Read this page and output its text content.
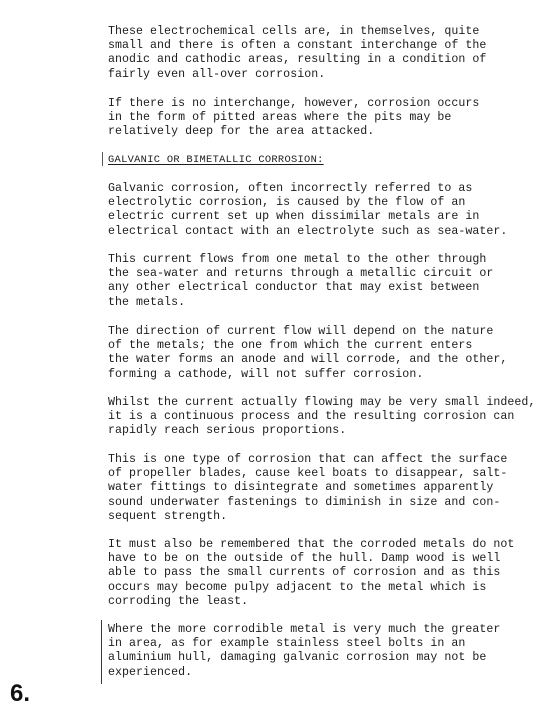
These electrochemical cells are, in themselves, quite
small and there is often a constant interchange of the
anodic and cathodic areas, resulting in a condition of
fairly even all-over corrosion.

If there is no interchange, however, corrosion occurs
in the form of pitted areas where the pits may be
relatively deep for the area attacked.

GALVANIC OR BIMETALLIC CORROSION:

Galvanic corrosion, often incorrectly referred to as
electrolytic corrosion, is caused by the flow of an
electric current set up when dissimilar metals are in
electrical contact with an electrolyte such as sea-water.

This current flows from one metal to the other through
the sea-water and returns through a metallic circuit or
any other electrical conductor that may exist between
the metals.

The direction of current flow will depend on the nature
of the metals; the one from which the current enters
the water forms an anode and will corrode, and the other,
forming a cathode, will not suffer corrosion.

Whilst the current actually flowing may be very small indeed,
it is a continuous process and the resulting corrosion can
rapidly reach serious proportions.

This is one type of corrosion that can affect the surface
of propeller blades, cause keel boats to disappear, salt-
water fittings to disintegrate and sometimes apparently
sound underwater fastenings to diminish in size and con-
sequent strength.

It must also be remembered that the corroded metals do not
have to be on the outside of the hull. Damp wood is well
able to pass the small currents of corrosion and as this
occurs may become pulpy adjacent to the metal which is
corroding the least.

Where the more corrodible metal is very much the greater
in area, as for example stainless steel bolts in an
aluminium hull, damaging galvanic corrosion may not be
experienced.

6.
